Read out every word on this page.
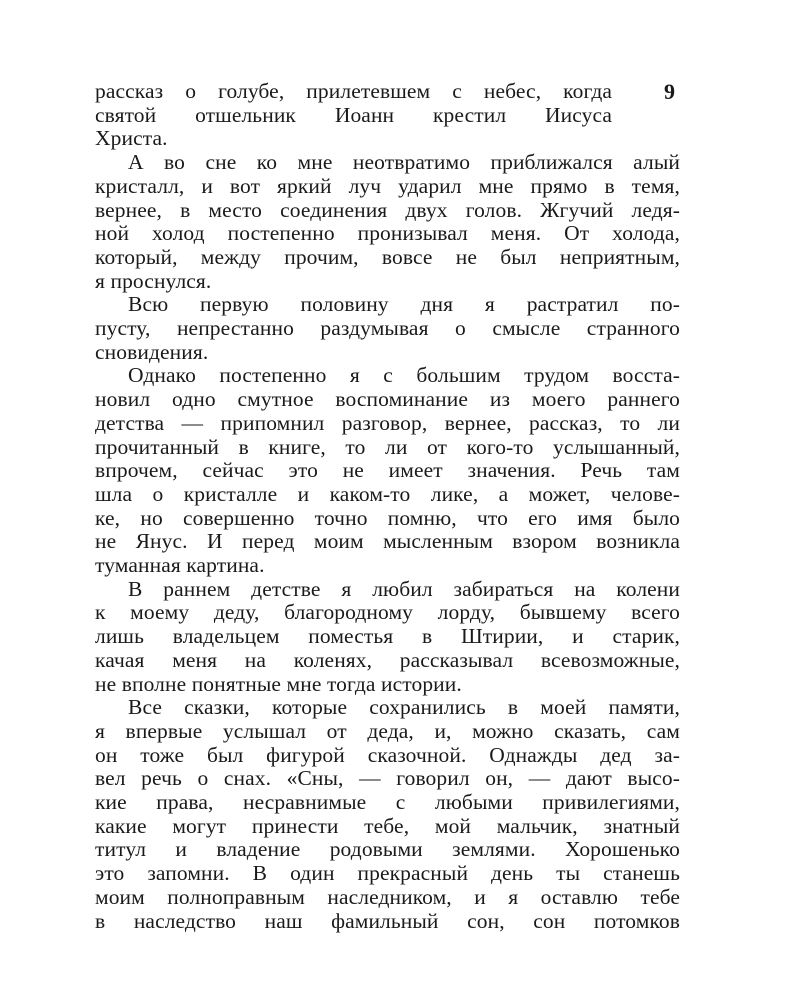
9
рассказ о голубе, прилетевшем с небес, когда
святой отшельник Иоанн крестил Иисуса
Христа.
А во сне ко мне неотвратимо приближался алый
кристалл, и вот яркий луч ударил мне прямо в темя,
вернее, в место соединения двух голов. Жгучий ледя-
ной холод постепенно пронизывал меня. От холода,
который, между прочим, вовсе не был неприятным,
я проснулся.
Всю первую половину дня я растратил по-
пусту, непрестанно раздумывая о смысле странного
сновидения.
Однако постепенно я с большим трудом восста-
новил одно смутное воспоминание из моего раннего
детства — припомнил разговор, вернее, рассказ, то ли
прочитанный в книге, то ли от кого-то услышанный,
впрочем, сейчас это не имеет значения. Речь там
шла о кристалле и каком-то лике, а может, челове-
ке, но совершенно точно помню, что его имя было
не Янус. И перед моим мысленным взором возникла
туманная картина.
В раннем детстве я любил забираться на колени
к моему деду, благородному лорду, бывшему всего
лишь владельцем поместья в Штирии, и старик,
качая меня на коленях, рассказывал всевозможные,
не вполне понятные мне тогда истории.
Все сказки, которые сохранились в моей памяти,
я впервые услышал от деда, и, можно сказать, сам
он тоже был фигурой сказочной. Однажды дед за-
вел речь о снах. «Сны, — говорил он, — дают высо-
кие права, несравнимые с любыми привилегиями,
какие могут принести тебе, мой мальчик, знатный
титул и владение родовыми землями. Хорошенько
это запомни. В один прекрасный день ты станешь
моим полноправным наследником, и я оставлю тебе
в наследство наш фамильный сон, сон потомков
